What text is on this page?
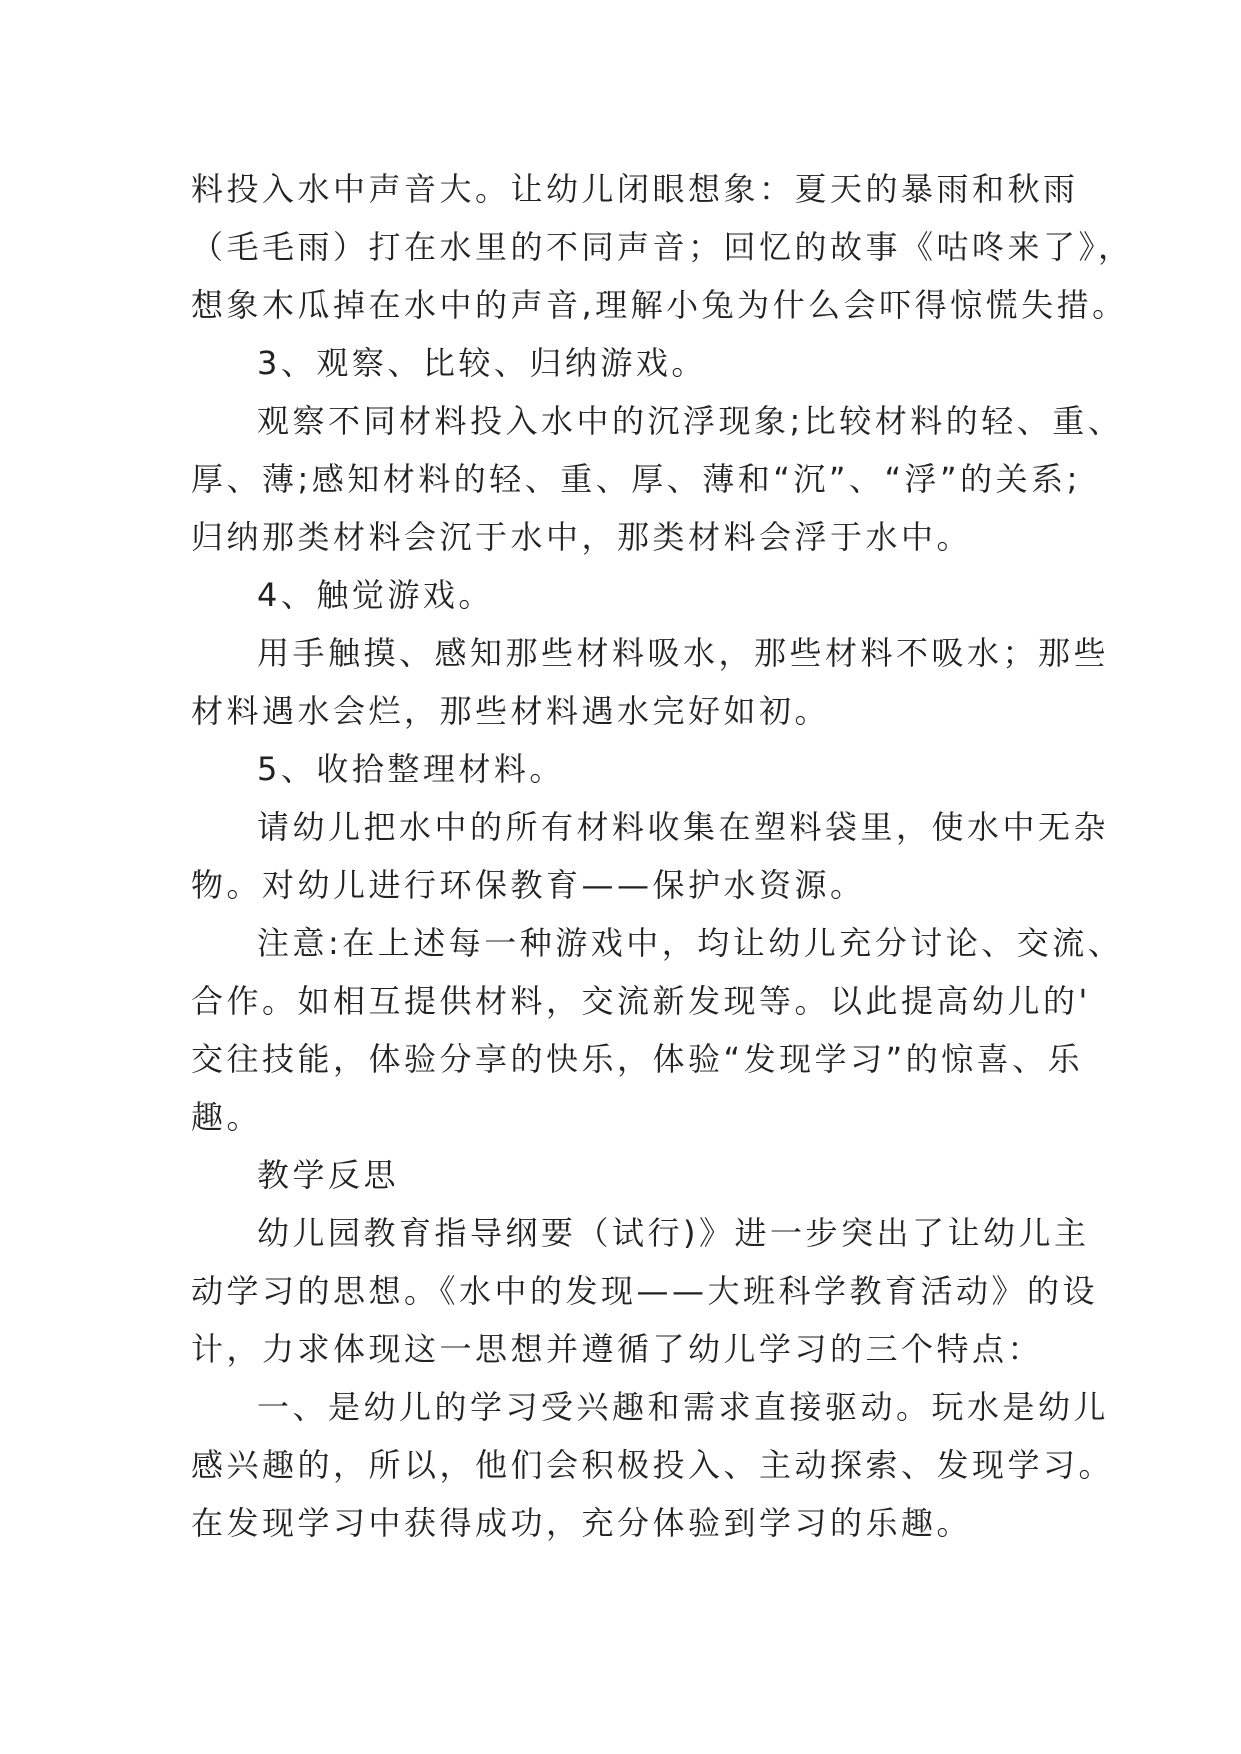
料投入水中声音大。让幼儿闭眼想象：夏天的暴雨和秋雨
（毛毛雨）打在水里的不同声音；回忆的故事《咕咚来了》，
想象木瓜掉在水中的声音,理解小兔为什么会吓得惊慌失措。
3、观察、比较、归纳游戏。
观察不同材料投入水中的沉浮现象;比较材料的轻、重、
厚、薄;感知材料的轻、重、厚、薄和“沉”、“浮”的关系;
归纳那类材料会沉于水中，那类材料会浮于水中。
4、触觉游戏。
用手触摸、感知那些材料吸水，那些材料不吸水；那些
材料遇水会烂，那些材料遇水完好如初。
5、收拾整理材料。
请幼儿把水中的所有材料收集在塑料袋里，使水中无杂
物。对幼儿进行环保教育——保护水资源。
注意:在上述每一种游戏中，均让幼儿充分讨论、交流、
合作。如相互提供材料，交流新发现等。以此提高幼儿的'
交往技能，体验分享的快乐，体验“发现学习”的惊喜、乐
趣。
教学反思
幼儿园教育指导纲要（试行)》进一步突出了让幼儿主
动学习的思想。《水中的发现——大班科学教育活动》的设
计，力求体现这一思想并遵循了幼儿学习的三个特点：
一、是幼儿的学习受兴趣和需求直接驱动。玩水是幼儿
感兴趣的，所以，他们会积极投入、主动探索、发现学习。
在发现学习中获得成功，充分体验到学习的乐趣。
